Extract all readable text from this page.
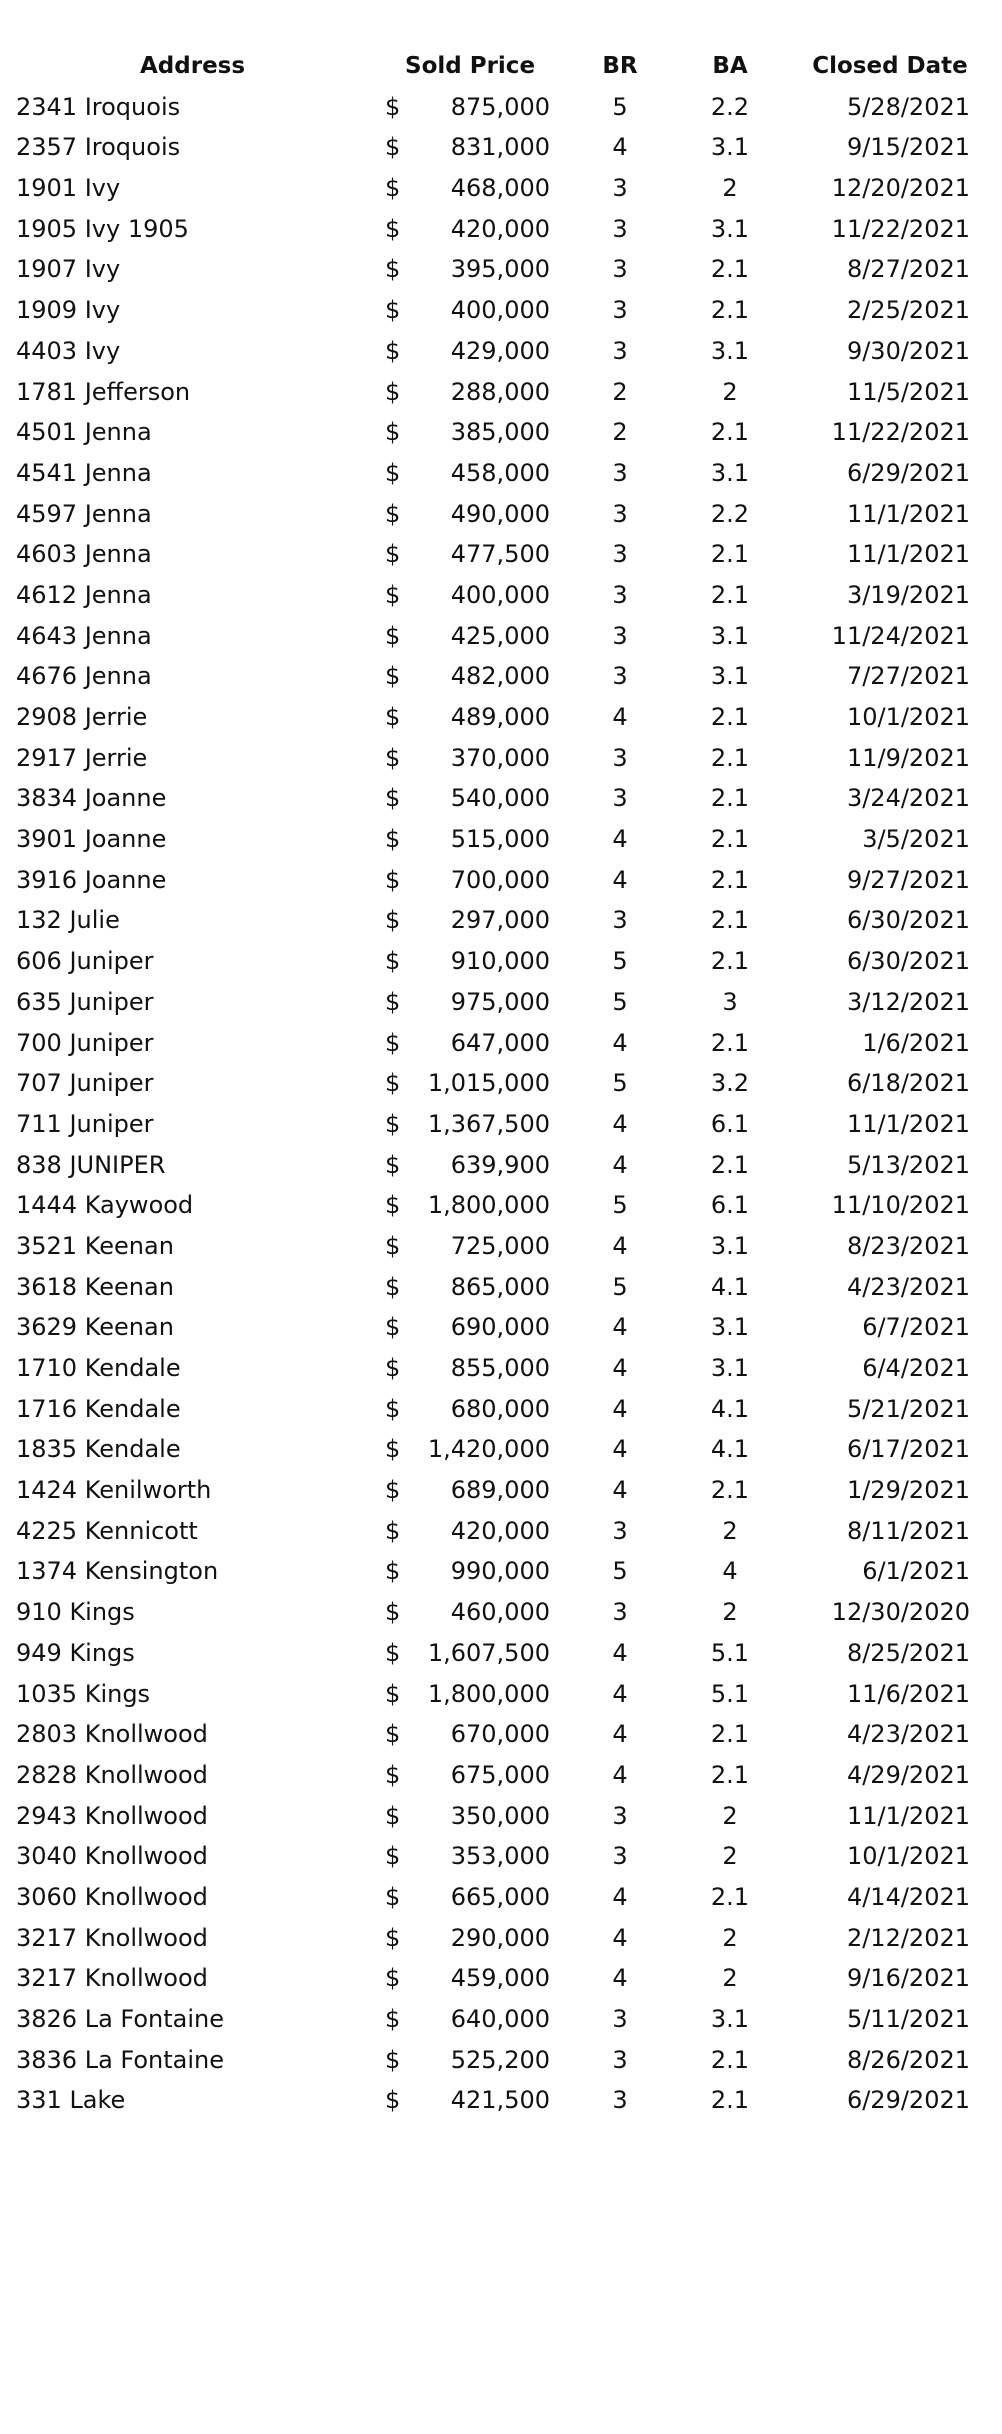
Address	Sold Price	BR	BA	Closed Date
2341 Iroquois	$	875,000	5	2.2	5/28/2021
2357 Iroquois	$	831,000	4	3.1	9/15/2021
1901 Ivy	$	468,000	3	2	12/20/2021
1905 Ivy 1905	$	420,000	3	3.1	11/22/2021
1907 Ivy	$	395,000	3	2.1	8/27/2021
1909 Ivy	$	400,000	3	2.1	2/25/2021
4403 Ivy	$	429,000	3	3.1	9/30/2021
1781 Jefferson	$	288,000	2	2	11/5/2021
4501 Jenna	$	385,000	2	2.1	11/22/2021
4541 Jenna	$	458,000	3	3.1	6/29/2021
4597 Jenna	$	490,000	3	2.2	11/1/2021
4603 Jenna	$	477,500	3	2.1	11/1/2021
4612 Jenna	$	400,000	3	2.1	3/19/2021
4643 Jenna	$	425,000	3	3.1	11/24/2021
4676 Jenna	$	482,000	3	3.1	7/27/2021
2908 Jerrie	$	489,000	4	2.1	10/1/2021
2917 Jerrie	$	370,000	3	2.1	11/9/2021
3834 Joanne	$	540,000	3	2.1	3/24/2021
3901 Joanne	$	515,000	4	2.1	3/5/2021
3916 Joanne	$	700,000	4	2.1	9/27/2021
132 Julie	$	297,000	3	2.1	6/30/2021
606 Juniper	$	910,000	5	2.1	6/30/2021
635 Juniper	$	975,000	5	3	3/12/2021
700 Juniper	$	647,000	4	2.1	1/6/2021
707 Juniper	$	1,015,000	5	3.2	6/18/2021
711 Juniper	$	1,367,500	4	6.1	11/1/2021
838 JUNIPER	$	639,900	4	2.1	5/13/2021
1444 Kaywood	$	1,800,000	5	6.1	11/10/2021
3521 Keenan	$	725,000	4	3.1	8/23/2021
3618 Keenan	$	865,000	5	4.1	4/23/2021
3629 Keenan	$	690,000	4	3.1	6/7/2021
1710 Kendale	$	855,000	4	3.1	6/4/2021
1716 Kendale	$	680,000	4	4.1	5/21/2021
1835 Kendale	$	1,420,000	4	4.1	6/17/2021
1424 Kenilworth	$	689,000	4	2.1	1/29/2021
4225 Kennicott	$	420,000	3	2	8/11/2021
1374 Kensington	$	990,000	5	4	6/1/2021
910 Kings	$	460,000	3	2	12/30/2020
949 Kings	$	1,607,500	4	5.1	8/25/2021
1035 Kings	$	1,800,000	4	5.1	11/6/2021
2803 Knollwood	$	670,000	4	2.1	4/23/2021
2828 Knollwood	$	675,000	4	2.1	4/29/2021
2943 Knollwood	$	350,000	3	2	11/1/2021
3040 Knollwood	$	353,000	3	2	10/1/2021
3060 Knollwood	$	665,000	4	2.1	4/14/2021
3217 Knollwood	$	290,000	4	2	2/12/2021
3217 Knollwood	$	459,000	4	2	9/16/2021
3826 La Fontaine	$	640,000	3	3.1	5/11/2021
3836 La Fontaine	$	525,200	3	2.1	8/26/2021
331 Lake	$	421,500	3	2.1	6/29/2021
